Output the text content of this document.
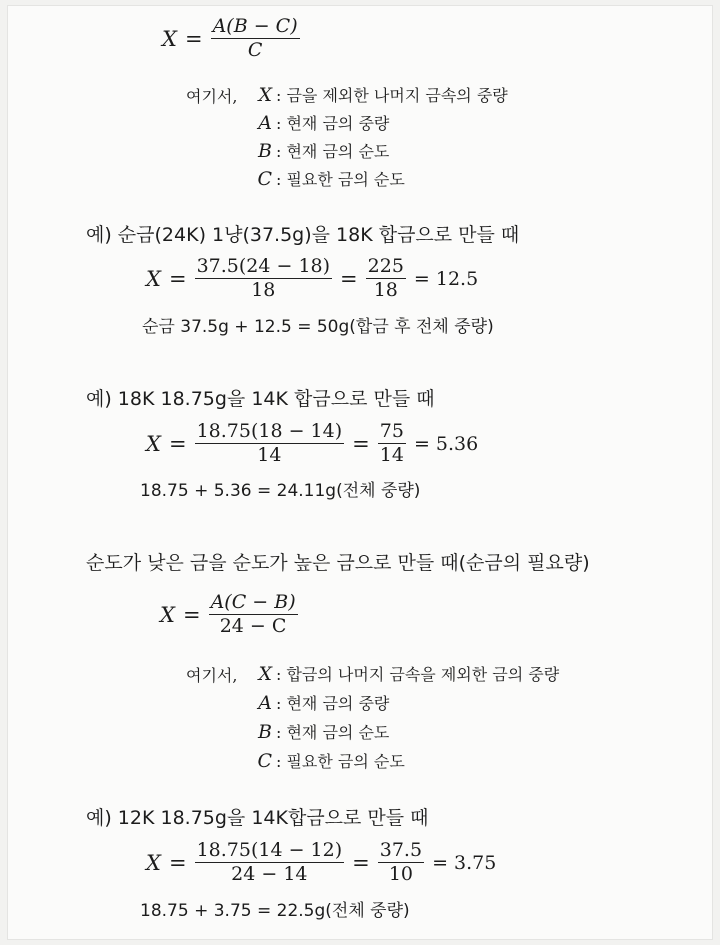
$X = \frac{A(B - C)}{C}$
여기서, X : 금을 제외한 나머지 금속의 중량
A : 현재 금의 중량
B : 현재 금의 순도
C : 필요한 금의 순도
예) 순금(24K) 1냥(37.5g)을 18K 합금으로 만들 때
$X = \frac{37.5(24 - 18)}{18} = \frac{225}{18} = 12.5$
순금 37.5g + 12.5 = 50g(합금 후 전체 중량)
예) 18K 18.75g을 14K 합금으로 만들 때
$X = \frac{18.75(18 - 14)}{14} = \frac{75}{14} = 5.36$
18.75 + 5.36 = 24.11g(전체 중량)
순도가 낮은 금을 순도가 높은 금으로 만들 때(순금의 필요량)
$X = \frac{A(C - B)}{24 - C}$
여기서, X : 합금의 나머지 금속을 제외한 금의 중량
A : 현재 금의 중량
B : 현재 금의 순도
C : 필요한 금의 순도
예) 12K 18.75g을 14K합금으로 만들 때
$X = \frac{18.75(14 - 12)}{24 - 14} = \frac{37.5}{10} = 3.75$
18.75 + 3.75 = 22.5g(전체 중량)
